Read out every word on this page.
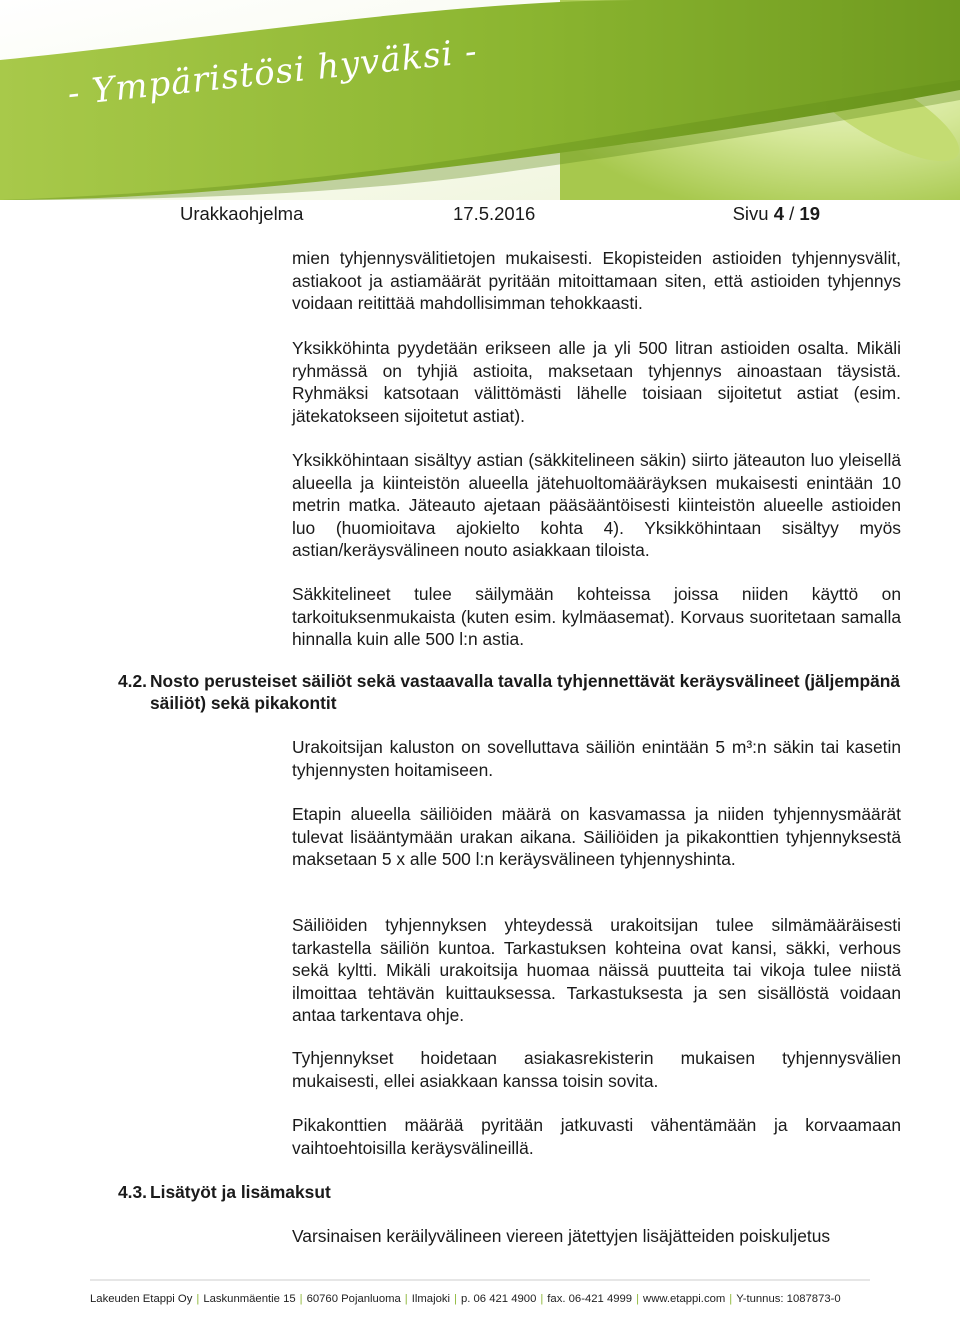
- Ympäristösi hyväksi -
Urakkaohjelma	17.5.2016	Sivu 4 / 19

mien tyhjennysvälitietojen mukaisesti. Ekopisteiden astioiden tyhjennysvälit, astiakoot ja astiamäärät pyritään mitoittamaan siten, että astioiden tyhjennys voidaan reitittää mahdollisimman tehokkaasti.

Yksikköhinta pyydetään erikseen alle ja yli 500 litran astioiden osalta. Mikäli ryhmässä on tyhjiä astioita, maksetaan tyhjennys ainoastaan täysistä. Ryhmäksi katsotaan välittömästi lähelle toisiaan sijoitetut astiat (esim. jätekatokseen sijoitetut astiat).

Yksikköhintaan sisältyy astian (säkkitelineen säkin) siirto jäteauton luo yleisellä alueella ja kiinteistön alueella jätehuoltomääräyksen mukaisesti enintään 10 metrin matka. Jäteauto ajetaan pääsääntöisesti kiinteistön alueelle astioiden luo (huomioitava ajokielto kohta 4). Yksikköhintaan sisältyy myös astian/keräysvälineen nouto asiakkaan tiloista.

Säkkitelineet tulee säilymään kohteissa joissa niiden käyttö on tarkoituksenmukaista (kuten esim. kylmäasemat). Korvaus suoritetaan samalla hinnalla kuin alle 500 l:n astia.

4.2. Nosto perusteiset säiliöt sekä vastaavalla tavalla tyhjennettävät keräysvälineet (jäljempänä säiliöt) sekä pikakontit

Urakoitsijan kaluston on sovelluttava säiliön enintään 5 m³:n säkin tai kasetin tyhjennysten hoitamiseen.

Etapin alueella säiliöiden määrä on kasvamassa ja niiden tyhjennysmäärät tulevat lisääntymään urakan aikana. Säiliöiden ja pikakonttien tyhjennyksestä maksetaan 5 x alle 500 l:n keräysvälineen tyhjennyshinta.

Säiliöiden tyhjennyksen yhteydessä urakoitsijan tulee silmämääräisesti tarkastella säiliön kuntoa. Tarkastuksen kohteina ovat kansi, säkki, verhous sekä kyltti. Mikäli urakoitsija huomaa näissä puutteita tai vikoja tulee niistä ilmoittaa tehtävän kuittauksessa. Tarkastuksesta ja sen sisällöstä voidaan antaa tarkentava ohje.

Tyhjennykset hoidetaan asiakasrekisterin mukaisen tyhjennysvälien mukaisesti, ellei asiakkaan kanssa toisin sovita.

Pikakonttien määrää pyritään jatkuvasti vähentämään ja korvaamaan vaihtoehtoisilla keräysvälineillä.

4.3. Lisätyöt ja lisämaksut

Varsinaisen keräilyvälineen viereen jätettyjen lisäjätteiden poiskuljetus

Lakeuden Etappi Oy | Laskunmäentie 15 | 60760 Pojanluoma | Ilmajoki | p. 06 421 4900 | fax. 06-421 4999 | www.etappi.com | Y-tunnus: 1087873-0
